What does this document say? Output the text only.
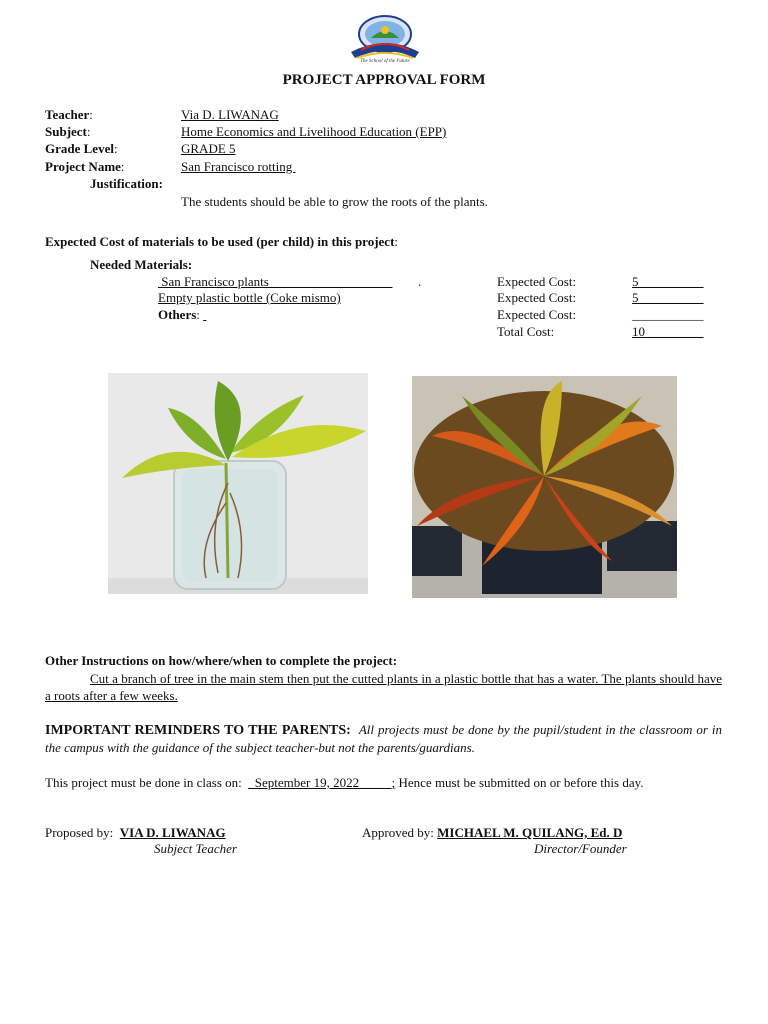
The School of the Future
PROJECT APPROVAL FORM
Teacher:	Via D. LIWANAG
Subject:	Home Economics and Livelihood Education (EPP)
Grade Level:	GRADE 5
Project Name:	San Francisco rotting
Justification:
The students should be able to grow the roots of the plants.
Expected Cost of materials to be used (per child) in this project:
Needed Materials:
San Francisco plants___________________ .	Expected Cost:	5__________
Empty plastic bottle (Coke mismo)	Expected Cost:	5__________
Others:	Expected Cost:	___________
Total Cost:	10_________
Other Instructions on how/where/when to complete the project:

Cut a branch of tree in the main stem then put the cutted plants in a plastic bottle that has a water. The plants should have a roots after a few weeks.

IMPORTANT REMINDERS TO THE PARENTS: All projects must be done by the pupil/student in the classroom or in the campus with the guidance of the subject teacher-but not the parents/guardians.

This project must be done in class on: _September 19, 2022_____; Hence must be submitted on or before this day.

Proposed by: VIA D. LIWANAG
Subject Teacher
Approved by: MICHAEL M. QUILANG, Ed. D
Director/Founder
